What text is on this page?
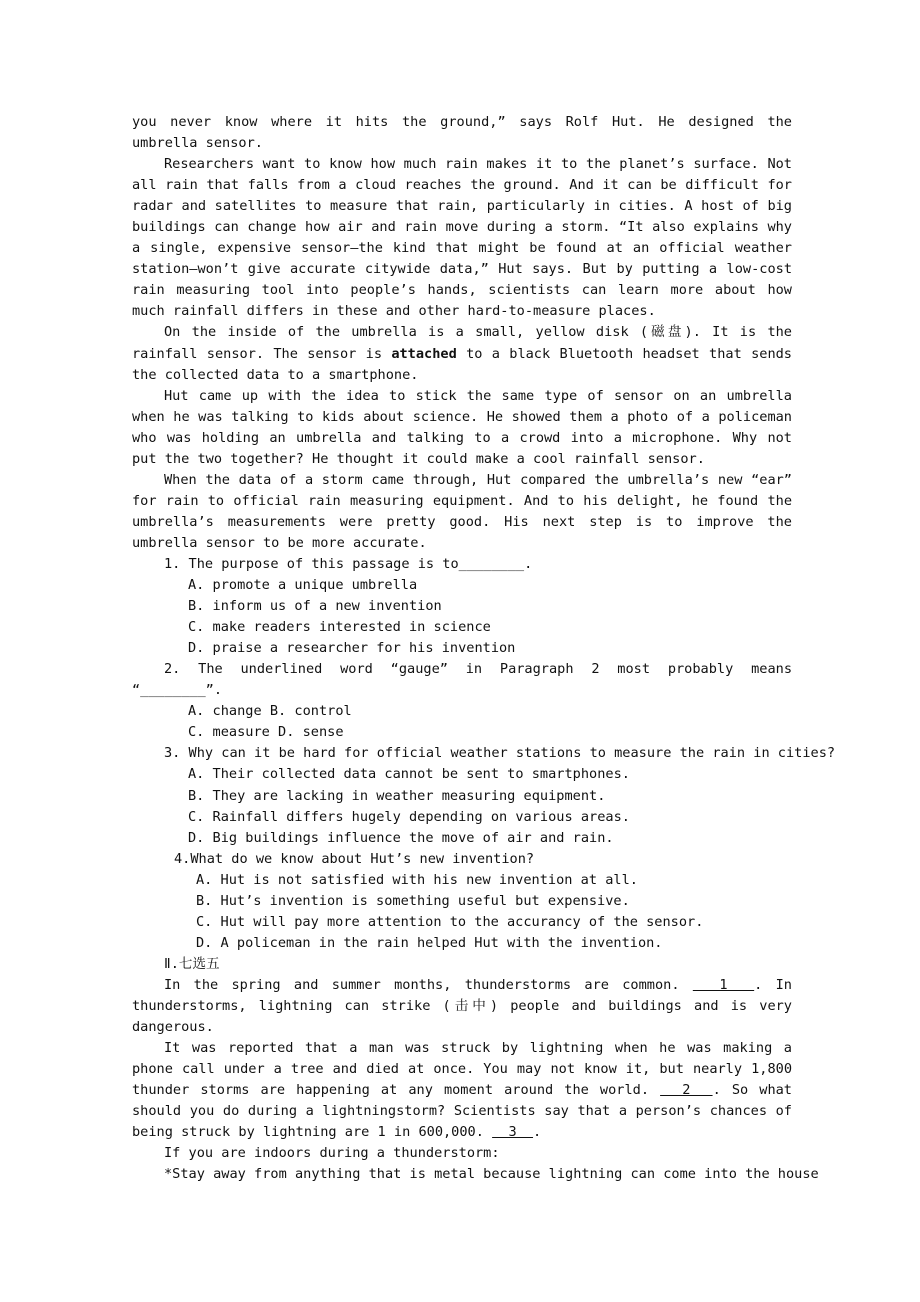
you never know where it hits the ground,” says Rolf Hut. He designed the umbrella sensor.

Researchers want to know how much rain makes it to the planet’s surface. Not all rain that falls from a cloud reaches the ground. And it can be difficult for radar and satellites to measure that rain, particularly in cities. A host of big buildings can change how air and rain move during a storm. “It also explains why a single, expensive sensor—the kind that might be found at an official weather station—won’t give accurate citywide data,” Hut says. But by putting a low-cost rain measuring tool into people’s hands, scientists can learn more about how much rainfall differs in these and other hard-to-measure places.

On the inside of the umbrella is a small, yellow disk (磁盘). It is the rainfall sensor. The sensor is attached to a black Bluetooth headset that sends the collected data to a smartphone.

Hut came up with the idea to stick the same type of sensor on an umbrella when he was talking to kids about science. He showed them a photo of a policeman who was holding an umbrella and talking to a crowd into a microphone. Why not put the two together? He thought it could make a cool rainfall sensor.

When the data of a storm came through, Hut compared the umbrella’s new “ear” for rain to official rain measuring equipment. And to his delight, he found the umbrella’s measurements were pretty good. His next step is to improve the umbrella sensor to be more accurate.

1. The purpose of this passage is to________.

A. promote a unique umbrella

B. inform us of a new invention

C. make readers interested in science

D. praise a researcher for his invention

2. The underlined word “gauge” in Paragraph 2 most probably means “________”.

A. change B. control

C. measure D. sense

3. Why can it be hard for official weather stations to measure the rain in cities?

A. Their collected data cannot be sent to smartphones.

B. They are lacking in weather measuring equipment.

C. Rainfall differs hugely depending on various areas.

D. Big buildings influence the move of air and rain.

4.What do we know about Hut’s new invention?

A. Hut is not satisfied with his new invention at all.

B. Hut’s invention is something useful but expensive.

C. Hut will pay more attention to the accurancy of the sensor.

D. A policeman in the rain helped Hut with the invention.

Ⅱ.七选五

In the spring and summer months, thunderstorms are common.   1  . In thunderstorms, lightning can strike (击中) people and buildings and is very dangerous.

It was reported that a man was struck by lightning when he was making a phone call under a tree and died at once. You may not know it, but nearly 1,800 thunder storms are happening at any moment around the world.   2  . So what should you do during a lightningstorm? Scientists say that a person’s chances of being struck by lightning are 1 in 600,000.   3  .

If you are indoors during a thunderstorm:

*Stay away from anything that is metal because lightning can come into the house
